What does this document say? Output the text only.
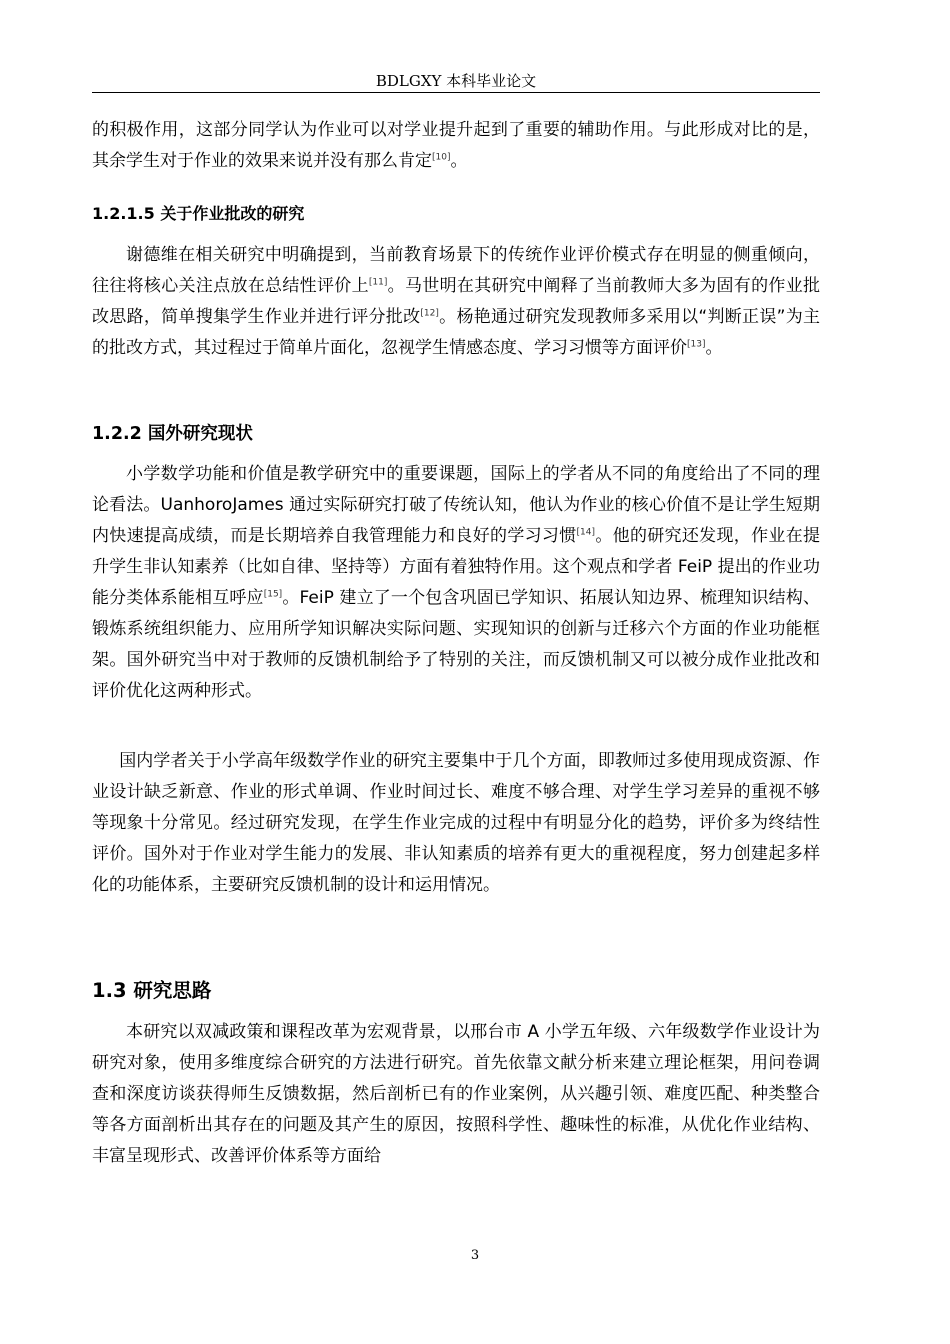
BDLGXY 本科毕业论文

的积极作用，这部分同学认为作业可以对学业提升起到了重要的辅助作用。与此形成对比的是，其余学生对于作业的效果来说并没有那么肯定[10]。

1.2.1.5 关于作业批改的研究

谢德维在相关研究中明确提到，当前教育场景下的传统作业评价模式存在明显的侧重倾向，往往将核心关注点放在总结性评价上[11]。马世明在其研究中阐释了当前教师大多为固有的作业批改思路，简单搜集学生作业并进行评分批改[12]。杨艳通过研究发现教师多采用以“判断正误”为主的批改方式，其过程过于简单片面化，忽视学生情感态度、学习习惯等方面评价[13]。

1.2.2 国外研究现状

小学数学功能和价值是教学研究中的重要课题，国际上的学者从不同的角度给出了不同的理论看法。UanhoroJames 通过实际研究打破了传统认知，他认为作业的核心价值不是让学生短期内快速提高成绩，而是长期培养自我管理能力和良好的学习习惯[14]。他的研究还发现，作业在提升学生非认知素养（比如自律、坚持等）方面有着独特作用。这个观点和学者 FeiP 提出的作业功能分类体系能相互呼应[15]。FeiP 建立了一个包含巩固已学知识、拓展认知边界、梳理知识结构、锻炼系统组织能力、应用所学知识解决实际问题、实现知识的创新与迁移六个方面的作业功能框架。国外研究当中对于教师的反馈机制给予了特别的关注，而反馈机制又可以被分成作业批改和评价优化这两种形式。

国内学者关于小学高年级数学作业的研究主要集中于几个方面，即教师过多使用现成资源、作业设计缺乏新意、作业的形式单调、作业时间过长、难度不够合理、对学生学习差异的重视不够等现象十分常见。经过研究发现，在学生作业完成的过程中有明显分化的趋势，评价多为终结性评价。国外对于作业对学生能力的发展、非认知素质的培养有更大的重视程度，努力创建起多样化的功能体系，主要研究反馈机制的设计和运用情况。

1.3 研究思路

本研究以双减政策和课程改革为宏观背景，以邢台市 A 小学五年级、六年级数学作业设计为研究对象，使用多维度综合研究的方法进行研究。首先依靠文献分析来建立理论框架，用问卷调查和深度访谈获得师生反馈数据，然后剖析已有的作业案例，从兴趣引领、难度匹配、种类整合等各方面剖析出其存在的问题及其产生的原因，按照科学性、趣味性的标准，从优化作业结构、丰富呈现形式、改善评价体系等方面给

3
